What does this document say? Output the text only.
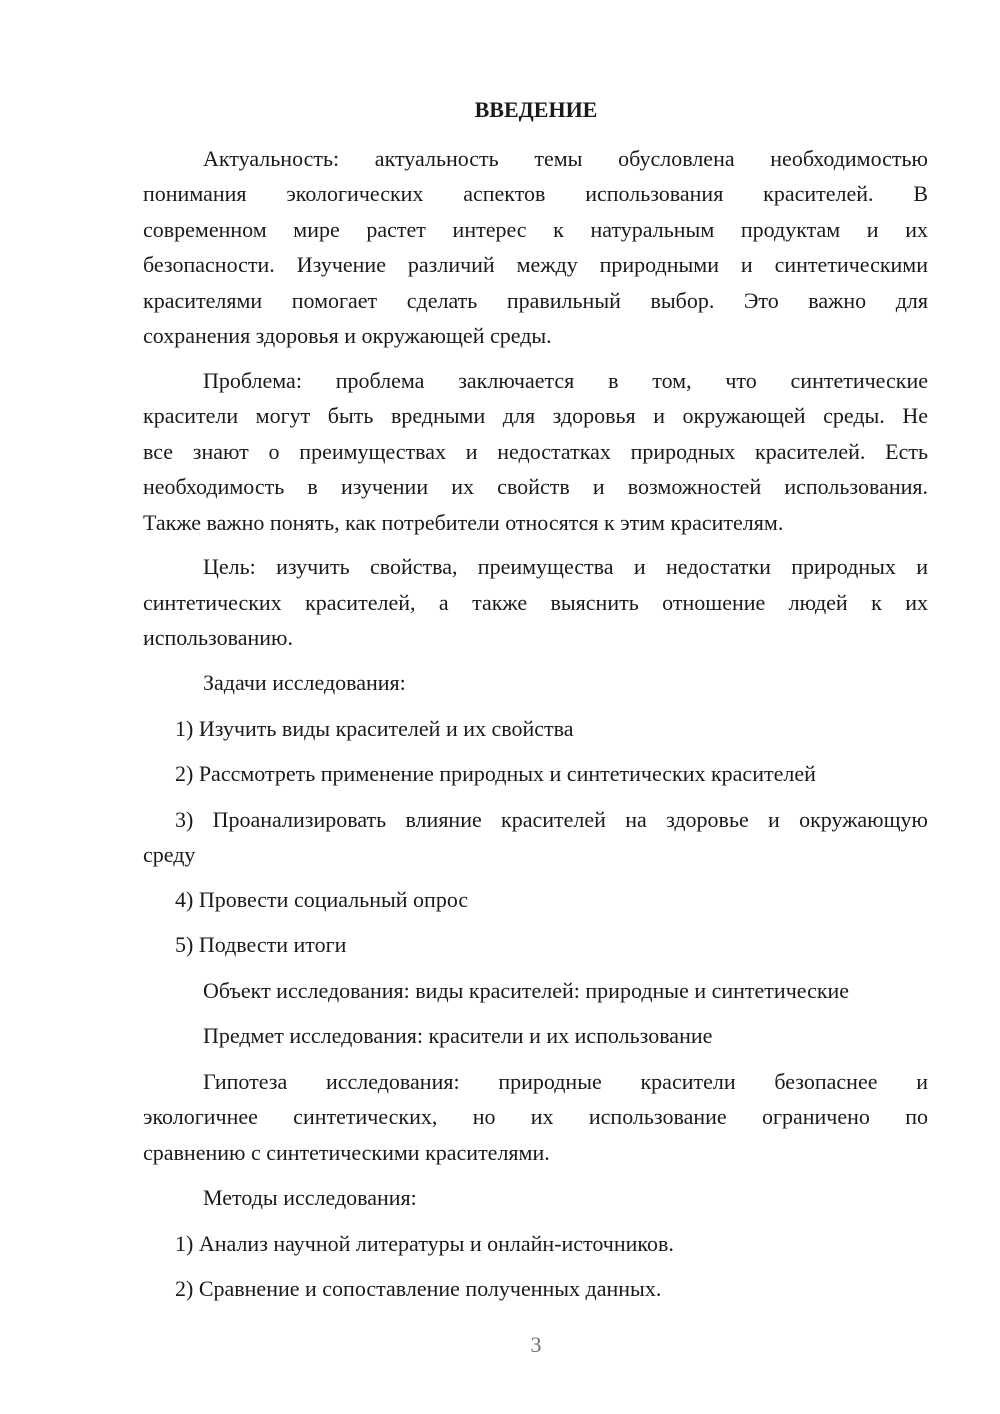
ВВЕДЕНИЕ

Актуальность: актуальность темы обусловлена необходимостью

понимания экологических аспектов использования красителей. В

современном мире растет интерес к натуральным продуктам и их

безопасности. Изучение различий между природными и синтетическими

красителями помогает сделать правильный выбор. Это важно для

сохранения здоровья и окружающей среды.

Проблема: проблема заключается в том, что синтетические

красители могут быть вредными для здоровья и окружающей среды. Не

все знают о преимуществах и недостатках природных красителей. Есть

необходимость в изучении их свойств и возможностей использования.

Также важно понять, как потребители относятся к этим красителям.

Цель: изучить свойства, преимущества и недостатки природных и

синтетических красителей, а также выяснить отношение людей к их

использованию.

Задачи исследования:

1) Изучить виды красителей и их свойства

2) Рассмотреть применение природных и синтетических красителей

3) Проанализировать влияние красителей на здоровье и окружающую

среду

4) Провести социальный опрос

5) Подвести итоги

Объект исследования: виды красителей: природные и синтетические

Предмет исследования: красители и их использование

Гипотеза исследования: природные красители безопаснее и

экологичнее синтетических, но их использование ограничено по

сравнению с синтетическими красителями.

Методы исследования:

1) Анализ научной литературы и онлайн-источников.

2) Сравнение и сопоставление полученных данных.

3
